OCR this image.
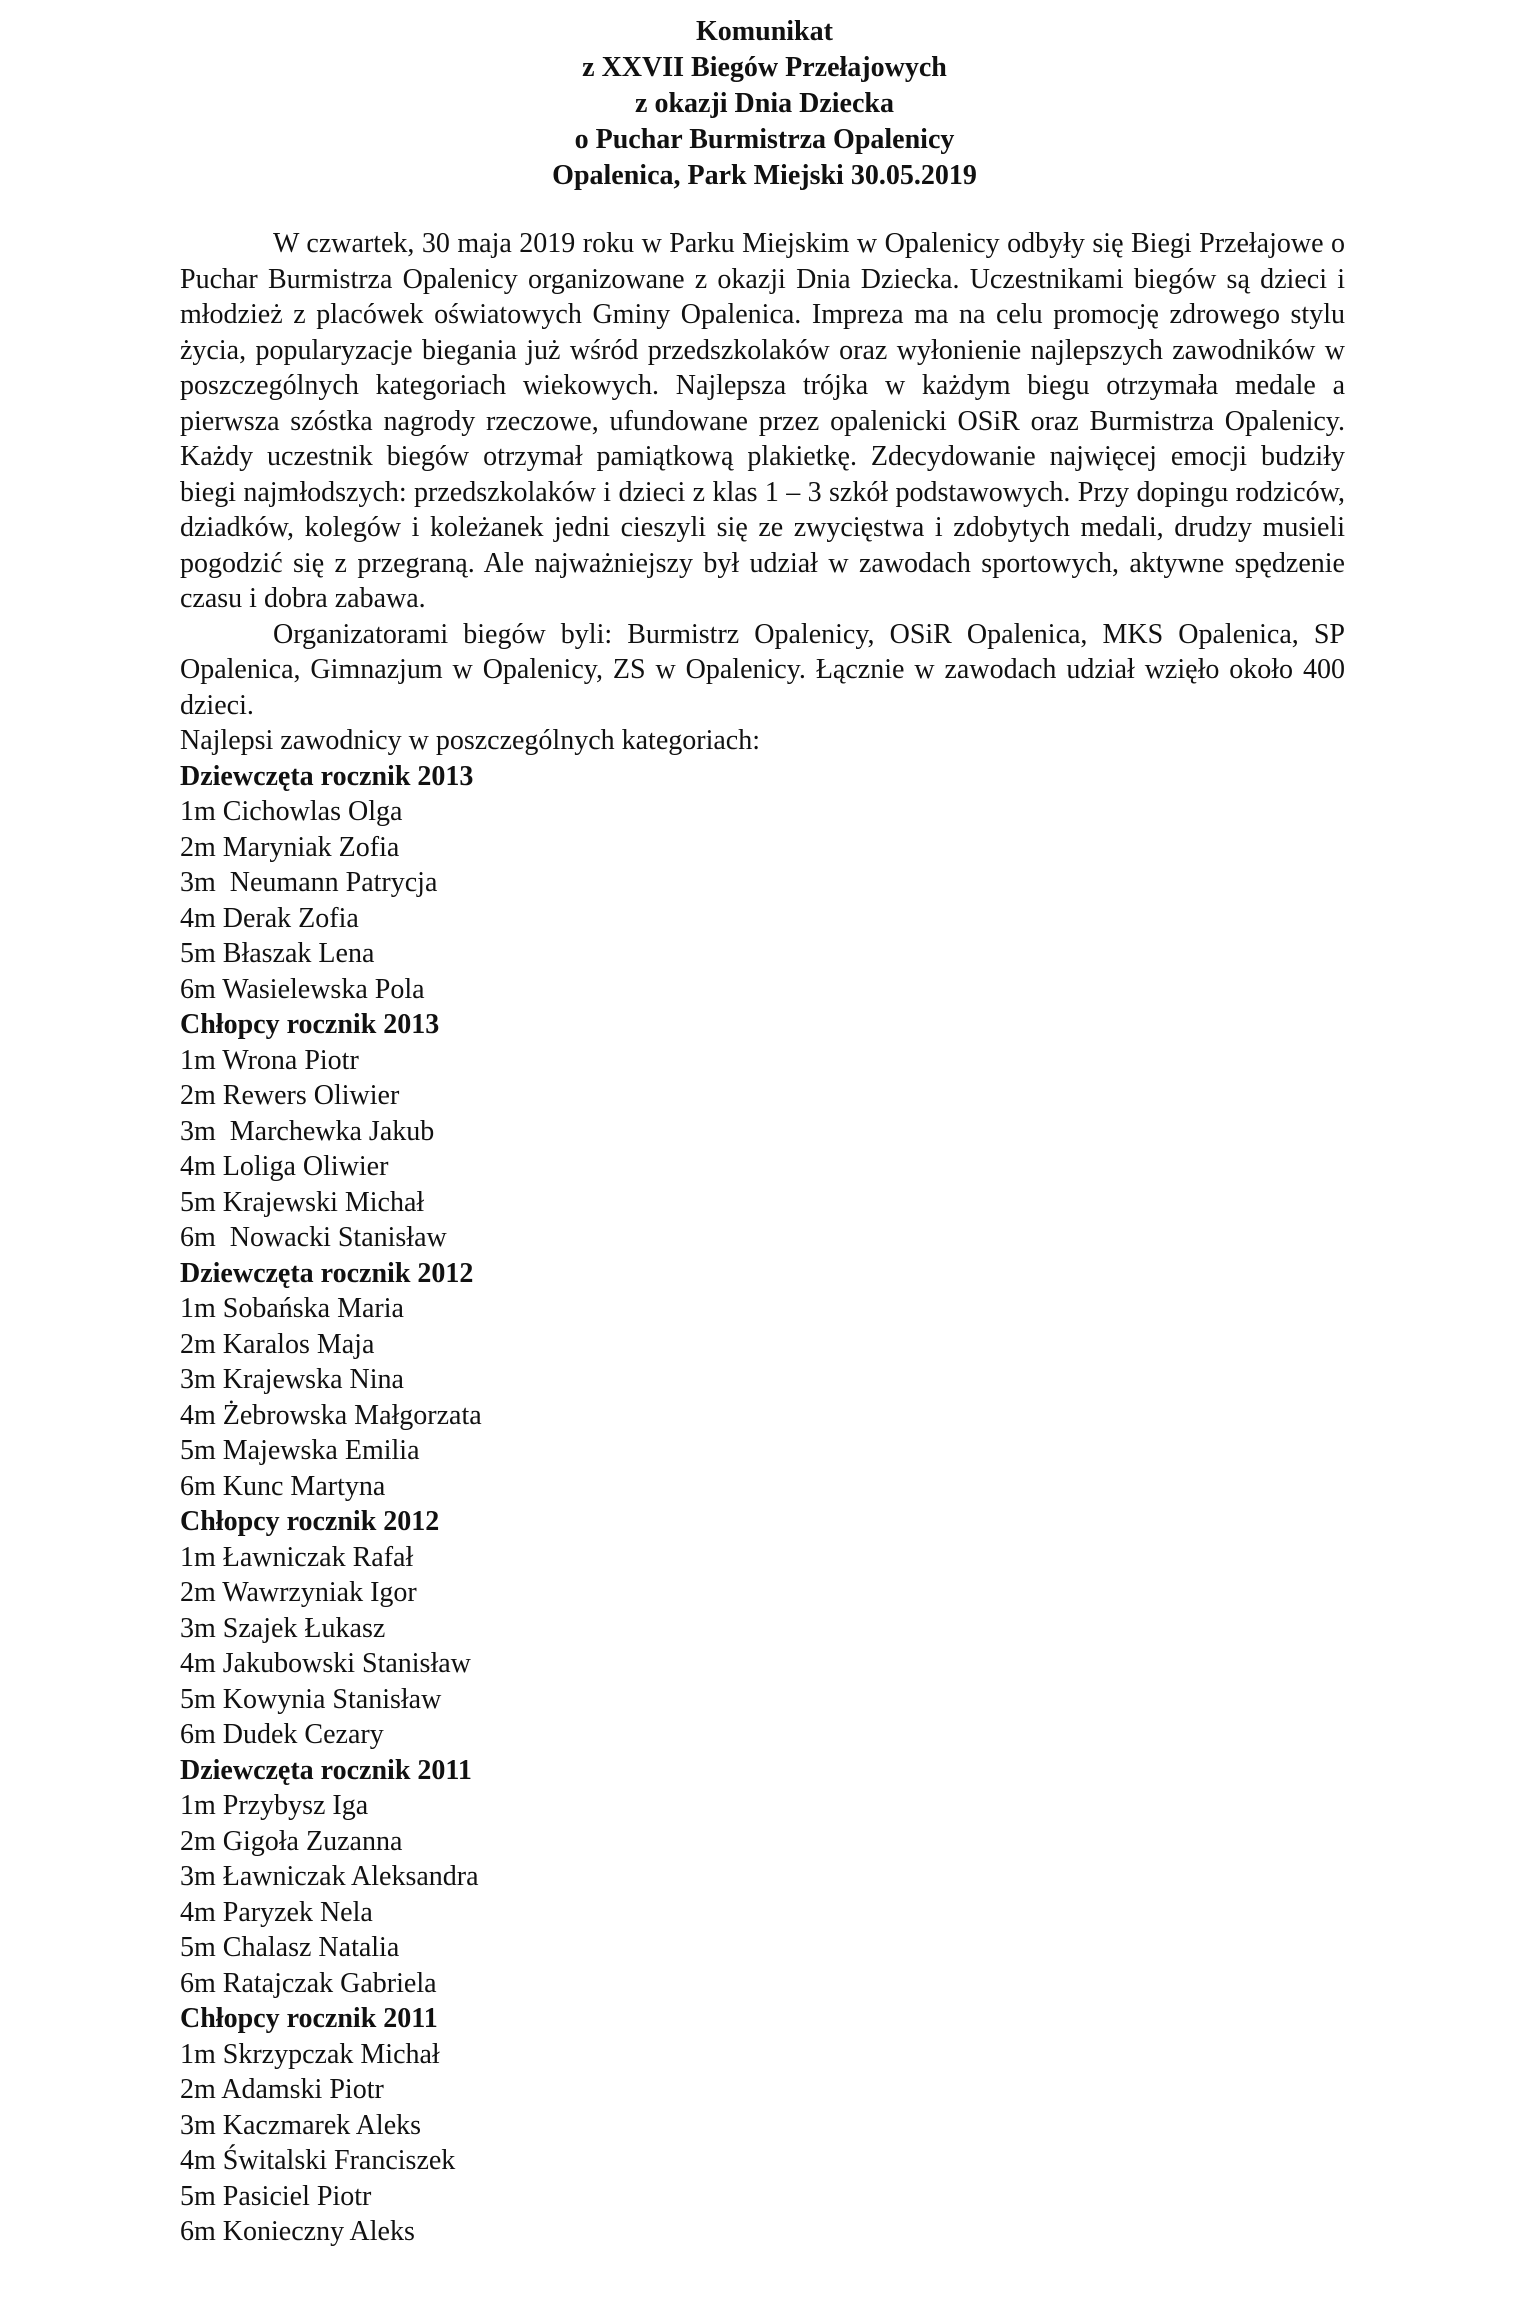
Komunikat
z XXVII Biegów Przełajowych
z okazji Dnia Dziecka
o Puchar Burmistrza Opalenicy
Opalenica, Park Miejski 30.05.2019

W czwartek, 30 maja 2019 roku w Parku Miejskim w Opalenicy odbyły się Biegi Przełajowe o Puchar Burmistrza Opalenicy organizowane z okazji Dnia Dziecka. Uczestnikami biegów są dzieci i młodzież z placówek oświatowych Gminy Opalenica. Impreza ma na celu promocję zdrowego stylu życia, popularyzacje biegania już wśród przedszkolaków oraz wyłonienie najlepszych zawodników w poszczególnych kategoriach wiekowych. Najlepsza trójka w każdym biegu otrzymała medale a pierwsza szóstka nagrody rzeczowe, ufundowane przez opalenicki OSiR oraz Burmistrza Opalenicy. Każdy uczestnik biegów otrzymał pamiątkową plakietkę. Zdecydowanie najwięcej emocji budziły biegi najmłodszych: przedszkolaków i dzieci z klas 1 – 3 szkół podstawowych. Przy dopingu rodziców, dziadków, kolegów i koleżanek jedni cieszyli się ze zwycięstwa i zdobytych medali, drudzy musieli pogodzić się z przegraną. Ale najważniejszy był udział w zawodach sportowych, aktywne spędzenie czasu i dobra zabawa.

Organizatorami biegów byli: Burmistrz Opalenicy, OSiR Opalenica, MKS Opalenica, SP Opalenica, Gimnazjum w Opalenicy, ZS w Opalenicy. Łącznie w zawodach udział wzięło około 400 dzieci.

Najlepsi zawodnicy w poszczególnych kategoriach:

Dziewczęta rocznik 2013

1m Cichowlas Olga

2m Maryniak Zofia

3m  Neumann Patrycja

4m Derak Zofia

5m Błaszak Lena

6m Wasielewska Pola

Chłopcy rocznik 2013

1m Wrona Piotr

2m Rewers Oliwier

3m  Marchewka Jakub

4m Loliga Oliwier

5m Krajewski Michał

6m  Nowacki Stanisław

Dziewczęta rocznik 2012

1m Sobańska Maria

2m Karalos Maja

3m Krajewska Nina

4m Żebrowska Małgorzata

5m Majewska Emilia

6m Kunc Martyna

Chłopcy rocznik 2012

1m Ławniczak Rafał

2m Wawrzyniak Igor

3m Szajek Łukasz

4m Jakubowski Stanisław

5m Kowynia Stanisław

6m Dudek Cezary

Dziewczęta rocznik 2011

1m Przybysz Iga

2m Gigoła Zuzanna

3m Ławniczak Aleksandra

4m Paryzek Nela

5m Chalasz Natalia

6m Ratajczak Gabriela

Chłopcy rocznik 2011

1m Skrzypczak Michał

2m Adamski Piotr

3m Kaczmarek Aleks

4m Świtalski Franciszek

5m Pasiciel Piotr

6m Konieczny Aleks
